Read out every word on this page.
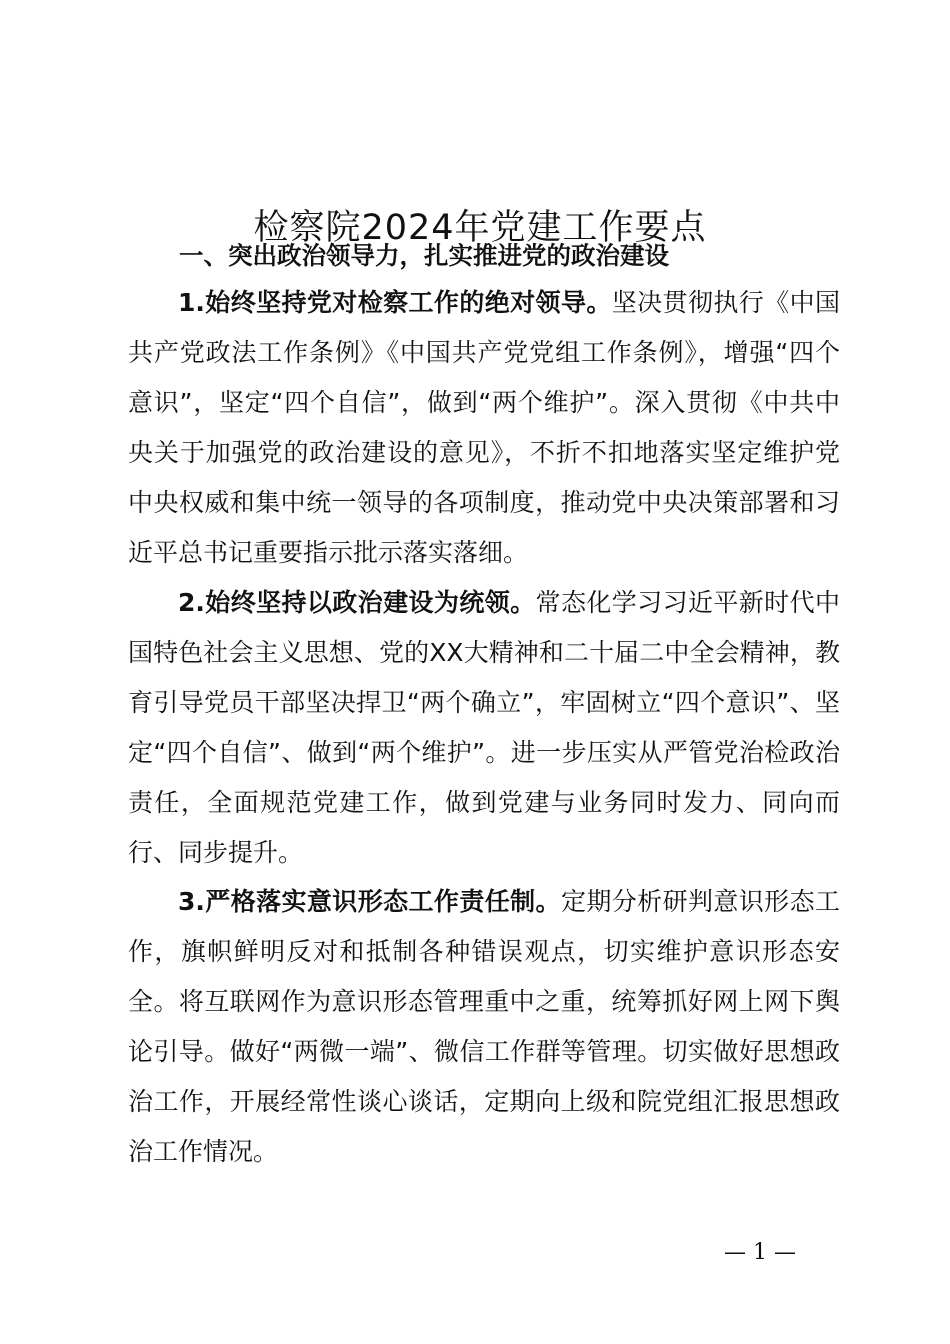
检察院2024年党建工作要点
一、突出政治领导力，扎实推进党的政治建设

1.始终坚持党对检察工作的绝对领导。坚决贯彻执行《中国共产党政法工作条例》《中国共产党党组工作条例》，增强“四个意识”，坚定“四个自信”，做到“两个维护”。深入贯彻《中共中央关于加强党的政治建设的意见》，不折不扣地落实坚定维护党中央权威和集中统一领导的各项制度，推动党中央决策部署和习近平总书记重要指示批示落实落细。

2.始终坚持以政治建设为统领。常态化学习习近平新时代中国特色社会主义思想、党的XX大精神和二十届二中全会精神，教育引导党员干部坚决捍卫“两个确立”，牢固树立“四个意识”、坚定“四个自信”、做到“两个维护”。进一步压实从严管党治检政治责任，全面规范党建工作，做到党建与业务同时发力、同向而行、同步提升。

3.严格落实意识形态工作责任制。定期分析研判意识形态工作，旗帜鲜明反对和抵制各种错误观点，切实维护意识形态安全。将互联网作为意识形态管理重中之重，统筹抓好网上网下舆论引导。做好“两微一端”、微信工作群等管理。切实做好思想政治工作，开展经常性谈心谈话，定期向上级和院党组汇报思想政治工作情况。

— 1 —
